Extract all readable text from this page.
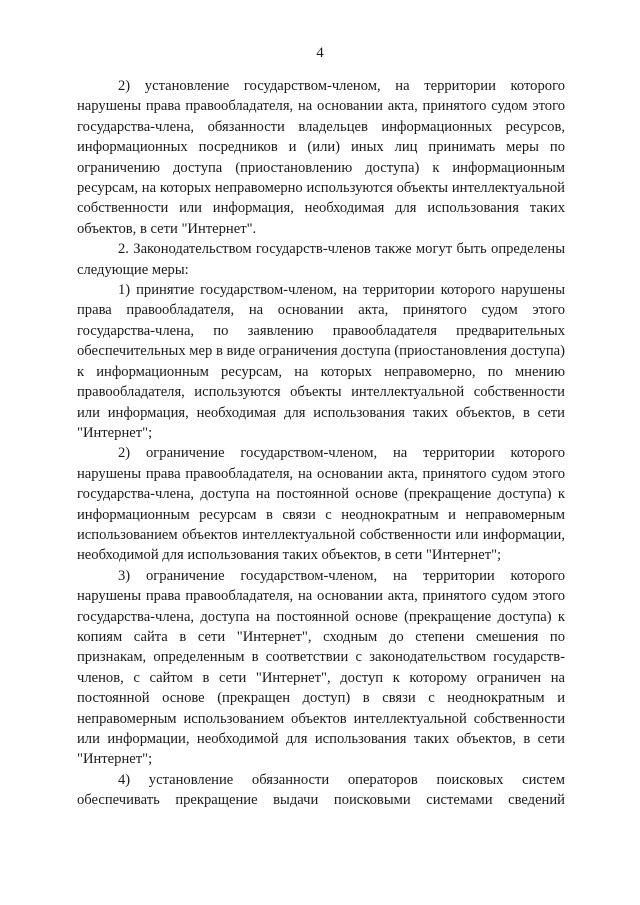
4

2) установление государством-членом, на территории которого нарушены права правообладателя, на основании акта, принятого судом этого государства-члена, обязанности владельцев информационных ресурсов, информационных посредников и (или) иных лиц принимать меры по ограничению доступа (приостановлению доступа) к информационным ресурсам, на которых неправомерно используются объекты интеллектуальной собственности или информация, необходимая для использования таких объектов, в сети "Интернет".

2. Законодательством государств-членов также могут быть определены следующие меры:

1) принятие государством-членом, на территории которого нарушены права правообладателя, на основании акта, принятого судом этого государства-члена, по заявлению правообладателя предварительных обеспечительных мер в виде ограничения доступа (приостановления доступа) к информационным ресурсам, на которых неправомерно, по мнению правообладателя, используются объекты интеллектуальной собственности или информация, необходимая для использования таких объектов, в сети "Интернет";

2) ограничение государством-членом, на территории которого нарушены права правообладателя, на основании акта, принятого судом этого государства-члена, доступа на постоянной основе (прекращение доступа) к информационным ресурсам в связи с неоднократным и неправомерным использованием объектов интеллектуальной собственности или информации, необходимой для использования таких объектов, в сети "Интернет";

3) ограничение государством-членом, на территории которого нарушены права правообладателя, на основании акта, принятого судом этого государства-члена, доступа на постоянной основе (прекращение доступа) к копиям сайта в сети "Интернет", сходным до степени смешения по признакам, определенным в соответствии с законодательством государств-членов, с сайтом в сети "Интернет", доступ к которому ограничен на постоянной основе (прекращен доступ) в связи с неоднократным и неправомерным использованием объектов интеллектуальной собственности или информации, необходимой для использования таких объектов, в сети "Интернет";

4) установление обязанности операторов поисковых систем обеспечивать прекращение выдачи поисковыми системами сведений
